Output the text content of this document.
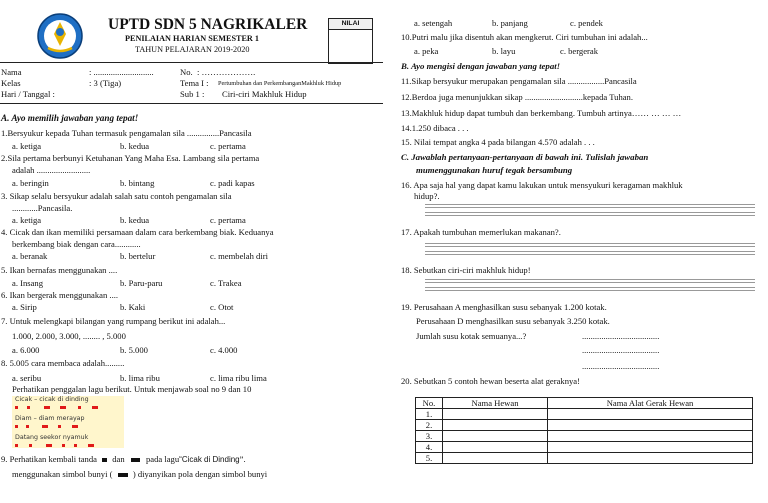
UPTD SDN 5 NAGRIKALER
PENILAIAN HARIAN SEMESTER 1
TAHUN PELAJARAN 2019-2020
NILAI
Nama	: ............................
Kelas	: 3 (Tiga)
Hari / Tanggal :
No. : ……………….
Tema I : Pertumbuhan dan PerkembanganMakhluk Hidup
Sub 1 : Ciri-ciri Makhluk Hidup
A. Ayo memilih jawaban yang tepat!
1.Bersyukur kepada Tuhan termasuk pengamalan sila ...............Pancasila
a. ketiga	b. kedua	c. pertama
2.Sila pertama berbunyi Ketuhanan Yang Maha Esa. Lambang sila pertama
adalah .........................
a. beringin	b. bintang	c. padi kapas
3. Sikap selalu bersyukur adalah salah satu contoh pengamalan sila
............Pancasila.
a. ketiga	b. kedua	c. pertama
4. Cicak dan ikan memiliki persamaan dalam cara berkembang biak. Keduanya
berkembang biak dengan cara............
a. beranak	b. bertelur	c. membelah diri
5. Ikan bernafas menggunakan ....
a. Insang	b. Paru-paru	c. Trakea
6. Ikan bergerak menggunakan ....
a. Sirip	b. Kaki	c. Otot
7. Untuk melengkapi bilangan yang rumpang berikut ini adalah...
1.000, 2.000, 3.000, ........ , 5.000
a. 6.000	b. 5.000	c. 4.000
8. 5.005 cara membaca adalah.........
a. seribu	b. lima ribu	c. lima ribu lima
Perhatikan penggalan lagu berikut. Untuk menjawab soal no 9 dan 10
Cicak – cicak di dinding
Diam – diam merayap
Datang seekor nyamuk
9. Perhatikan kembali tanda dan pada lagu“Cicak di Dinding”.
menggunakan simbol bunyi ( ) diyanyikan pola dengan simbol bunyi
a. setengah	b. panjang	c. pendek
10.Putri malu jika disentuh akan mengkerut. Ciri tumbuhan ini adalah...
a. peka	b. layu	c. bergerak
B. Ayo mengisi dengan jawaban yang tepat!
11.Sikap bersyukur merupakan pengamalan sila .................Pancasila
12.Berdoa juga menunjukkan sikap ...........................kepada Tuhan.
13.Makhluk hidup dapat tumbuh dan berkembang. Tumbuh artinya…… … … …
14.1.250 dibaca . . .
15. Nilai tempat angka 4 pada bilangan 4.570 adalah . . .
C. Jawablah pertanyaan-pertanyaan di bawah ini. Tulislah jawaban
mumenggunakan huruf tegak bersambung
16. Apa saja hal yang dapat kamu lakukan untuk mensyukuri keragaman makhluk
hidup?.
17. Apakah tumbuhan memerlukan makanan?.
18. Sebutkan ciri-ciri makhluk hidup!
19. Perusahaan A menghasilkan susu sebanyak 1.200 kotak.
Perusahaan D menghasilkan susu sebanyak 3.250 kotak.
Jumlah susu kotak semuanya...?	....................................
....................................
....................................
20. Sebutkan 5 contoh hewan beserta alat geraknya!
No.	Nama Hewan	Nama Alat Gerak Hewan
1.		
2.		
3.		
4.		
5.		
